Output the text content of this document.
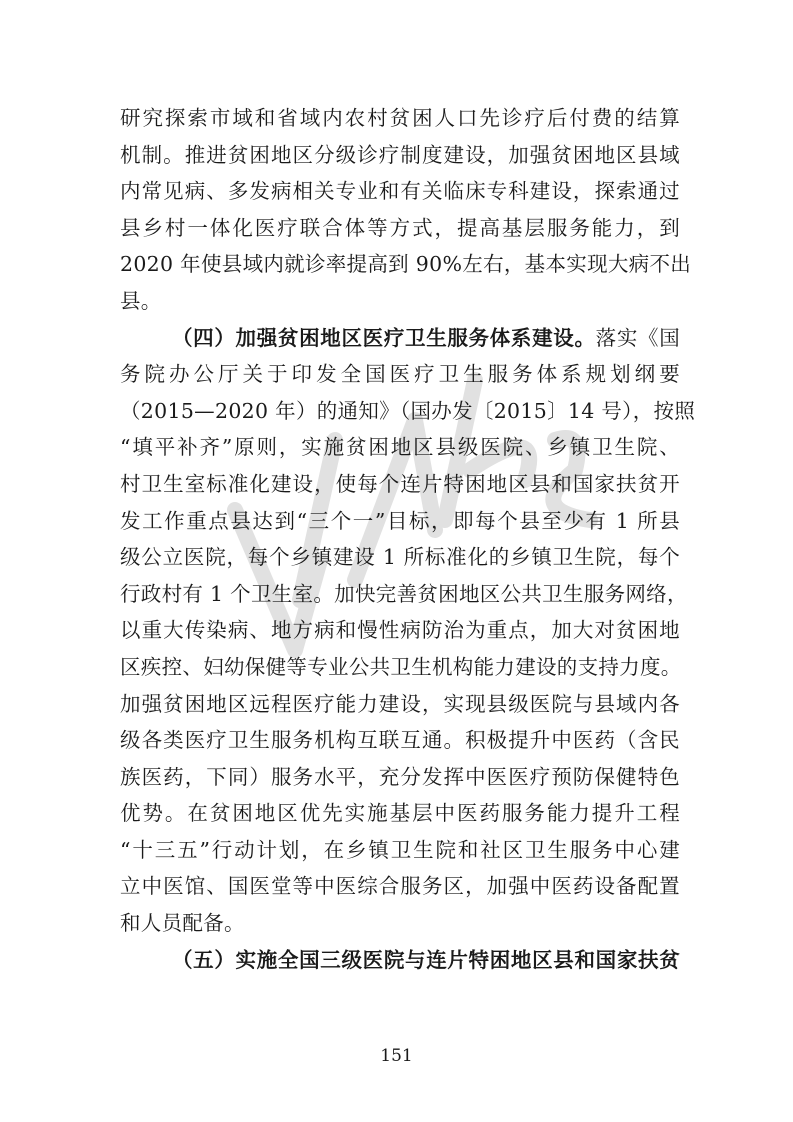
研究探索市域和省域内农村贫困人口先诊疗后付费的结算
机制。推进贫困地区分级诊疗制度建设，加强贫困地区县域
内常见病、多发病相关专业和有关临床专科建设，探索通过
县乡村一体化医疗联合体等方式，提高基层服务能力，到
2020 年使县域内就诊率提高到 90%左右，基本实现大病不出
县。
（四）加强贫困地区医疗卫生服务体系建设。落实《国
务院办公厅关于印发全国医疗卫生服务体系规划纲要
（2015—2020 年）的通知》（国办发〔2015〕14 号），按照
“填平补齐”原则，实施贫困地区县级医院、乡镇卫生院、
村卫生室标准化建设，使每个连片特困地区县和国家扶贫开
发工作重点县达到“三个一”目标，即每个县至少有 1 所县
级公立医院，每个乡镇建设 1 所标准化的乡镇卫生院，每个
行政村有 1 个卫生室。加快完善贫困地区公共卫生服务网络，
以重大传染病、地方病和慢性病防治为重点，加大对贫困地
区疾控、妇幼保健等专业公共卫生机构能力建设的支持力度。
加强贫困地区远程医疗能力建设，实现县级医院与县域内各
级各类医疗卫生服务机构互联互通。积极提升中医药（含民
族医药，下同）服务水平，充分发挥中医医疗预防保健特色
优势。在贫困地区优先实施基层中医药服务能力提升工程
“十三五”行动计划，在乡镇卫生院和社区卫生服务中心建
立中医馆、国医堂等中医综合服务区，加强中医药设备配置
和人员配备。
（五）实施全国三级医院与连片特困地区县和国家扶贫
151
